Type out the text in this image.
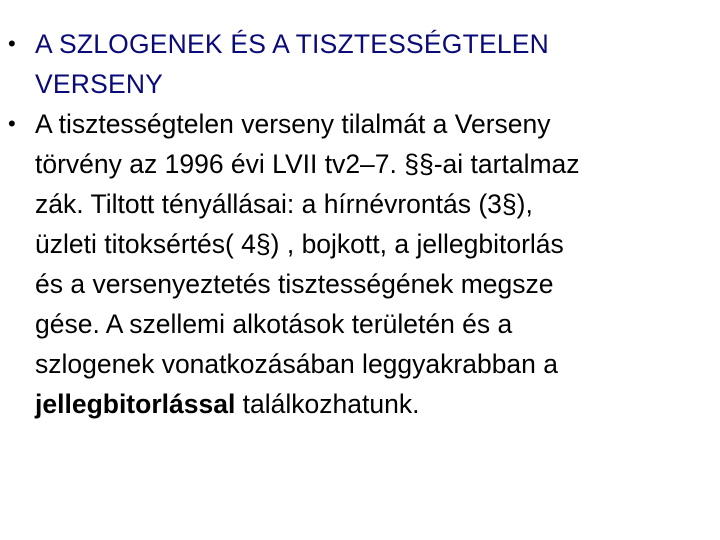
• A SZLOGENEK ÉS A TISZTESSÉGTELEN
VERSENY
• A tisztességtelen verseny tilalmát a Verseny
törvény az 1996 évi LVII tv2–7. §§-ai tartalmaz
zák. Tiltott tényállásai: a hírnévrontás (3§),
üzleti titoksértés( 4§) , bojkott, a jellegbitorlás
és a versenyeztetés tisztességének megsze
gése. A szellemi alkotások területén és a
szlogenek vonatkozásában leggyakrabban a
jellegbitorlással találkozhatunk.
